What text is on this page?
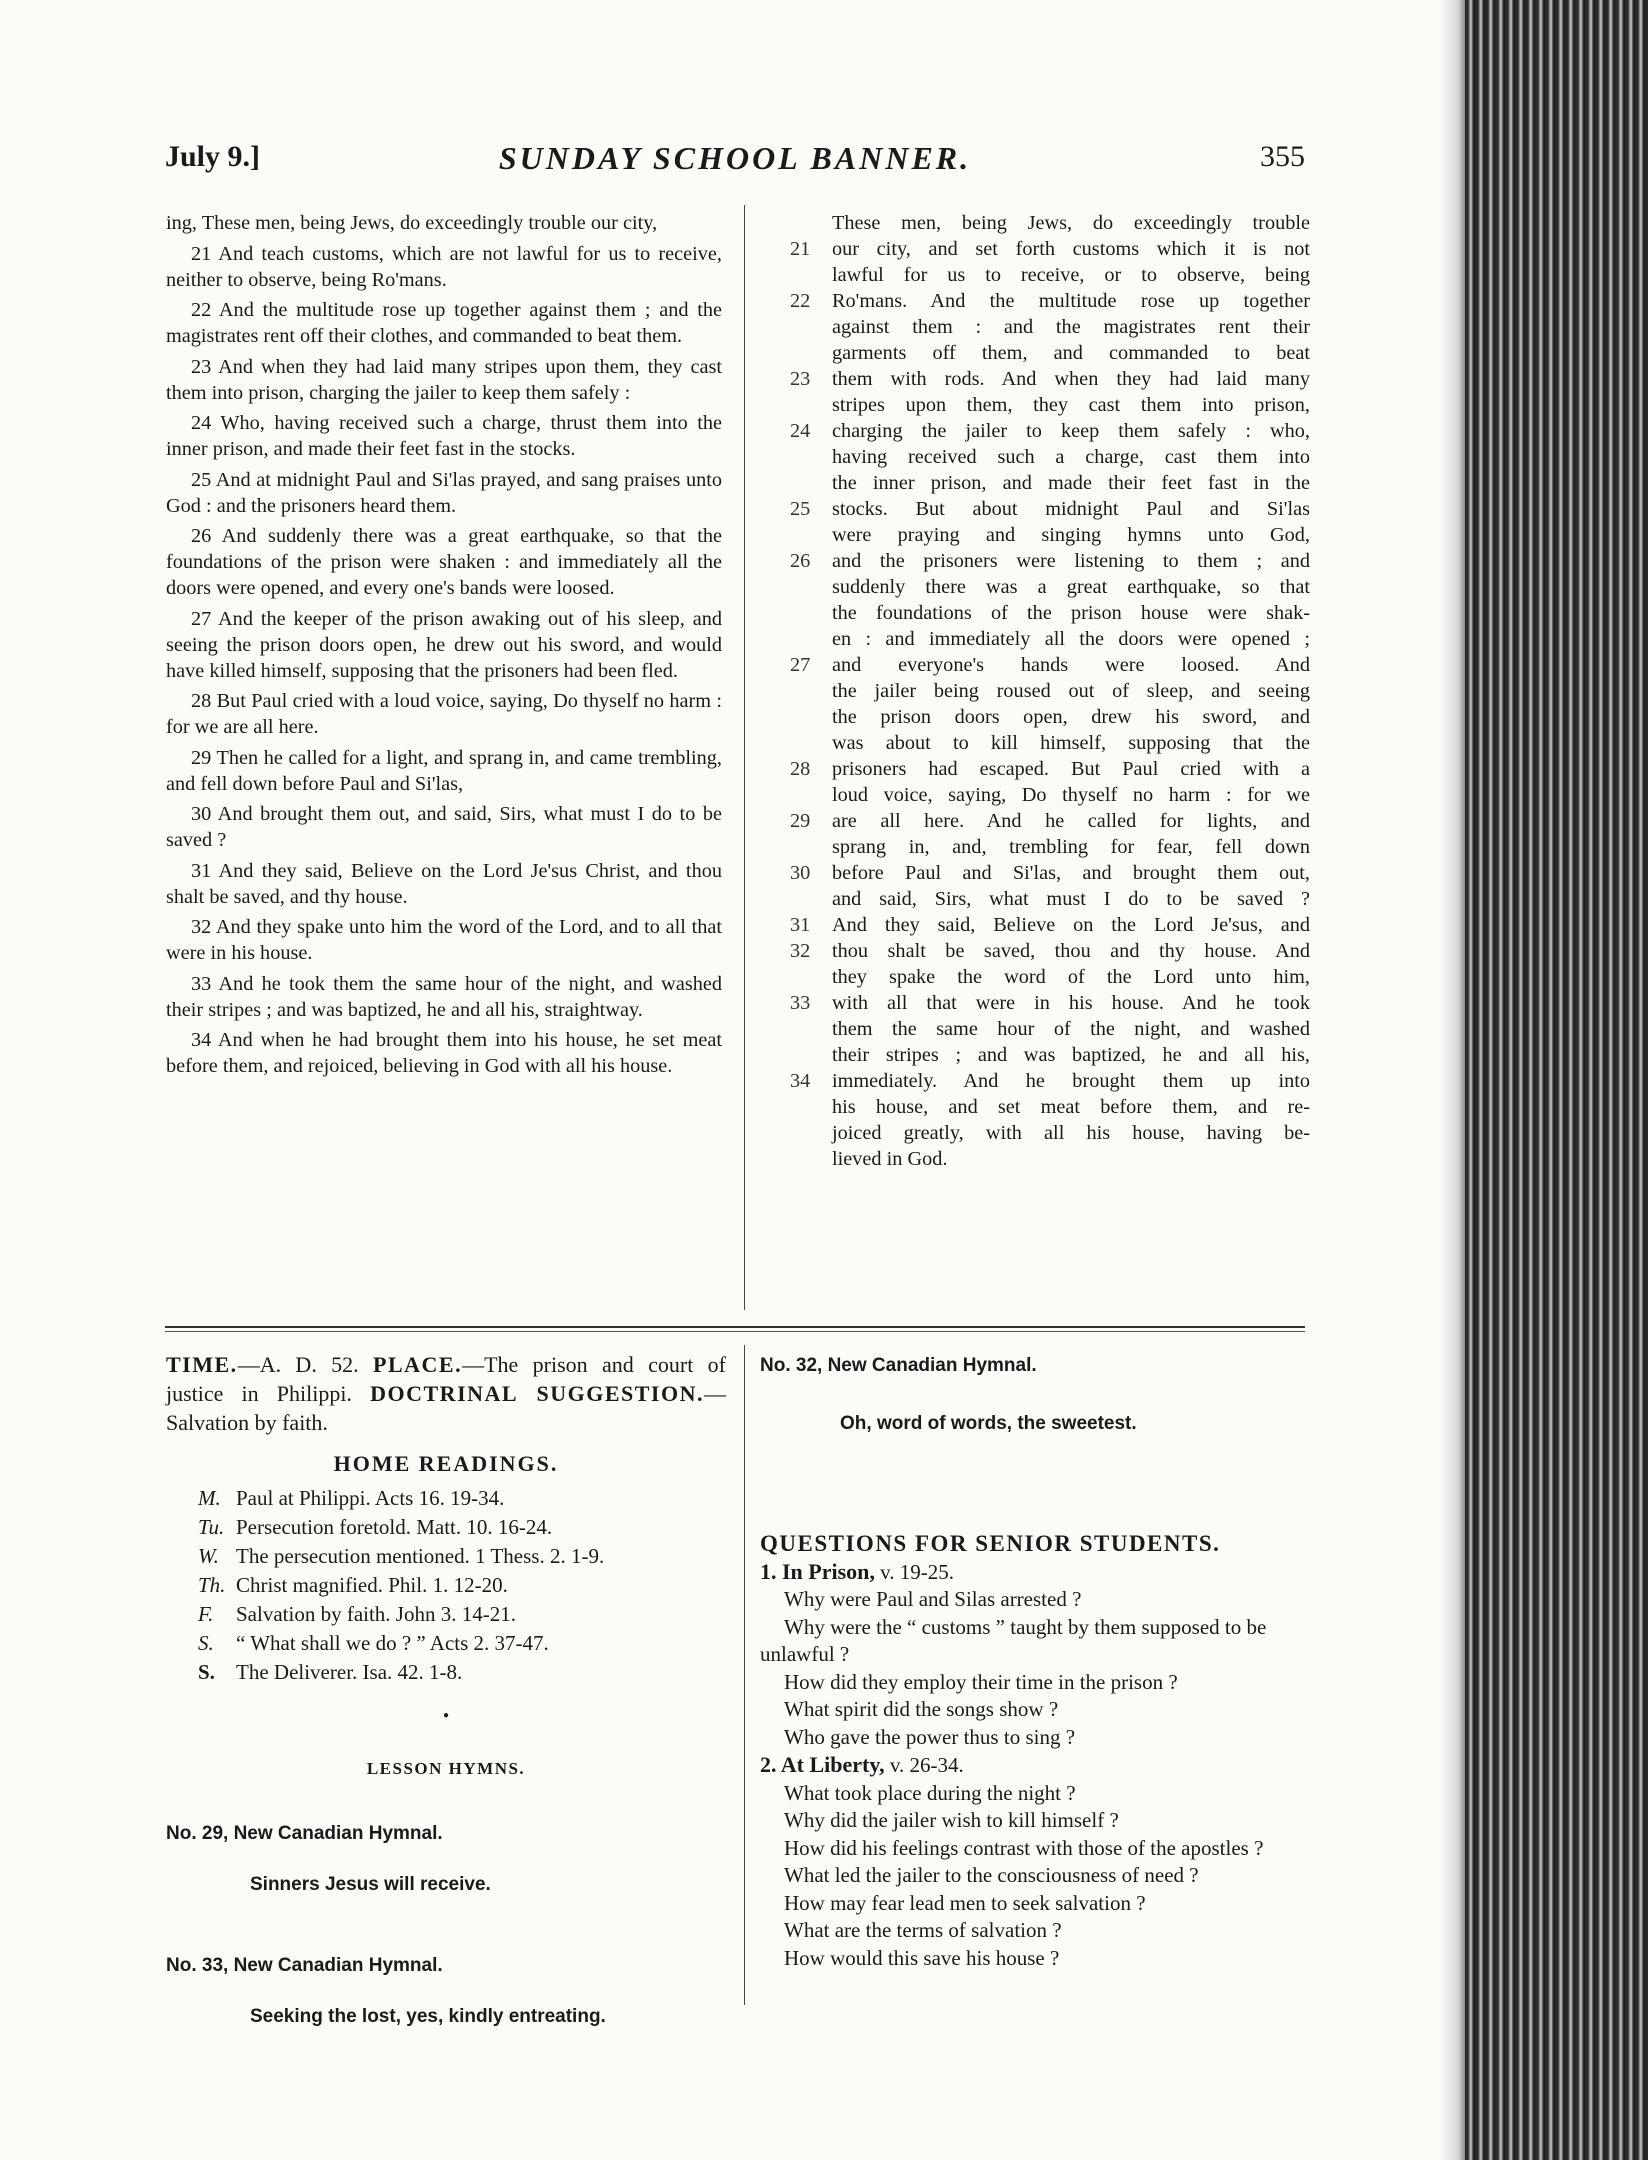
July 9.]	SUNDAY SCHOOL BANNER.	355

ing, These men, being Jews, do exceedingly trouble our city,

21 And teach customs, which are not lawful for us to receive, neither to observe, being Ro'mans.

22 And the multitude rose up together against them ; and the magistrates rent off their clothes, and commanded to beat them.

23 And when they had laid many stripes upon them, they cast them into prison, charging the jailer to keep them safely :

24 Who, having received such a charge, thrust them into the inner prison, and made their feet fast in the stocks.

25 And at midnight Paul and Si'las prayed, and sang praises unto God : and the prisoners heard them.

26 And suddenly there was a great earthquake, so that the foundations of the prison were shaken : and immediately all the doors were opened, and every one's bands were loosed.

27 And the keeper of the prison awaking out of his sleep, and seeing the prison doors open, he drew out his sword, and would have killed himself, supposing that the prisoners had been fled.

28 But Paul cried with a loud voice, saying, Do thyself no harm : for we are all here.

29 Then he called for a light, and sprang in, and came trembling, and fell down before Paul and Si'las,

30 And brought them out, and said, Sirs, what must I do to be saved ?

31 And they said, Believe on the Lord Je'sus Christ, and thou shalt be saved, and thy house.

32 And they spake unto him the word of the Lord, and to all that were in his house.

33 And he took them the same hour of the night, and washed their stripes ; and was baptized, he and all his, straightway.

34 And when he had brought them into his house, he set meat before them, and rejoiced, believing in God with all his house.

These men, being Jews, do exceedingly trouble
21	our city, and set forth customs which it is not
lawful for us to receive, or to observe, being
22	Ro'mans. And the multitude rose up together
against them : and the magistrates rent their
garments off them, and commanded to beat
23	them with rods. And when they had laid many
stripes upon them, they cast them into prison,
24	charging the jailer to keep them safely : who,
having received such a charge, cast them into
the inner prison, and made their feet fast in the
25	stocks. But about midnight Paul and Si'las
were praying and singing hymns unto God,
26	and the prisoners were listening to them ; and
suddenly there was a great earthquake, so that
the foundations of the prison house were shak-
en : and immediately all the doors were opened ;
27	and everyone's hands were loosed. And
the jailer being roused out of sleep, and seeing
the prison doors open, drew his sword, and
was about to kill himself, supposing that the
28	prisoners had escaped. But Paul cried with a
loud voice, saying, Do thyself no harm : for we
29	are all here. And he called for lights, and
sprang in, and, trembling for fear, fell down
30	before Paul and Si'las, and brought them out,
and said, Sirs, what must I do to be saved ?
31	And they said, Believe on the Lord Je'sus, and
32	thou shalt be saved, thou and thy house. And
they spake the word of the Lord unto him,
33	with all that were in his house. And he took
them the same hour of the night, and washed
their stripes ; and was baptized, he and all his,
34	immediately. And he brought them up into
his house, and set meat before them, and re-
joiced greatly, with all his house, having be-
lieved in God.
TIME.—A. D. 52. PLACE.—The prison and court of justice in Philippi. DOCTRINAL SUGGESTION.—Salvation by faith.
HOME READINGS.
M. Paul at Philippi. Acts 16. 19-34.
Tu. Persecution foretold. Matt. 10. 16-24.
W. The persecution mentioned. 1 Thess. 2. 1-9.
Th. Christ magnified. Phil. 1. 12-20.
F.	Salvation by faith. John 3. 14-21.
S.	“ What shall we do ? ” Acts 2. 37-47.
S.	The Deliverer. Isa. 42. 1-8.
●
LESSON HYMNS.
No. 29, New Canadian Hymnal.
Sinners Jesus will receive.
No. 33, New Canadian Hymnal.
Seeking the lost, yes, kindly entreating.
No. 32, New Canadian Hymnal.
Oh, word of words, the sweetest.
QUESTIONS FOR SENIOR STUDENTS.
1. In Prison, v. 19-25.
Why were Paul and Silas arrested ?
Why were the “ customs ” taught by them supposed to be unlawful ?
How did they employ their time in the prison ?
What spirit did the songs show ?
Who gave the power thus to sing ?
2. At Liberty, v. 26-34.
What took place during the night ?
Why did the jailer wish to kill himself ?
How did his feelings contrast with those of the apostles ?
What led the jailer to the consciousness of need ?
How may fear lead men to seek salvation ?
What are the terms of salvation ?
How would this save his house ?
